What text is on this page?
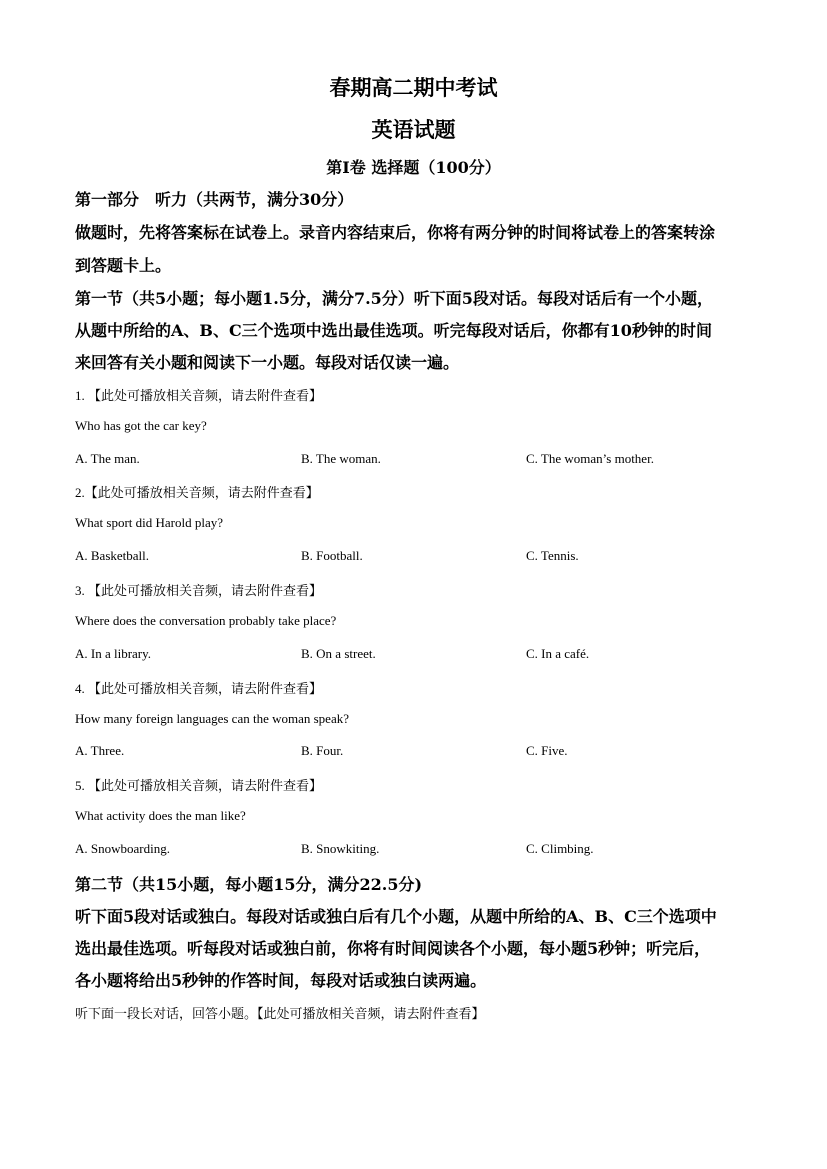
春期高二期中考试
英语试题
第Ⅰ卷 选择题（100分）
第一部分　听力（共两节，满分30分）
做题时，先将答案标在试卷上。录音内容结束后，你将有两分钟的时间将试卷上的答案转涂
到答题卡上。
第一节（共5小题；每小题1.5分，满分7.5分）听下面5段对话。每段对话后有一个小题，
从题中所给的A、B、C三个选项中选出最佳选项。听完每段对话后，你都有10秒钟的时间
来回答有关小题和阅读下一小题。每段对话仅读一遍。
1. 【此处可播放相关音频，请去附件查看】
Who has got the car key?
A. The man.	B. The woman.	C. The woman’s mother.
2.【此处可播放相关音频，请去附件查看】
What sport did Harold play?
A. Basketball.	B. Football.	C. Tennis.
3. 【此处可播放相关音频，请去附件查看】
Where does the conversation probably take place?
A. In a library.	B. On a street.	C. In a café.
4. 【此处可播放相关音频，请去附件查看】
How many foreign languages can the woman speak?
A. Three.	B. Four.	C. Five.
5. 【此处可播放相关音频，请去附件查看】
What activity does the man like?
A. Snowboarding.	B. Snowkiting.	C. Climbing.
第二节（共15小题，每小题15分，满分22.5分)
听下面5段对话或独白。每段对话或独白后有几个小题，从题中所给的A、B、C三个选项中
选出最佳选项。听每段对话或独白前，你将有时间阅读各个小题，每小题5秒钟；听完后，
各小题将给出5秒钟的作答时间，每段对话或独白读两遍。
听下面一段长对话，回答小题。【此处可播放相关音频，请去附件查看】
